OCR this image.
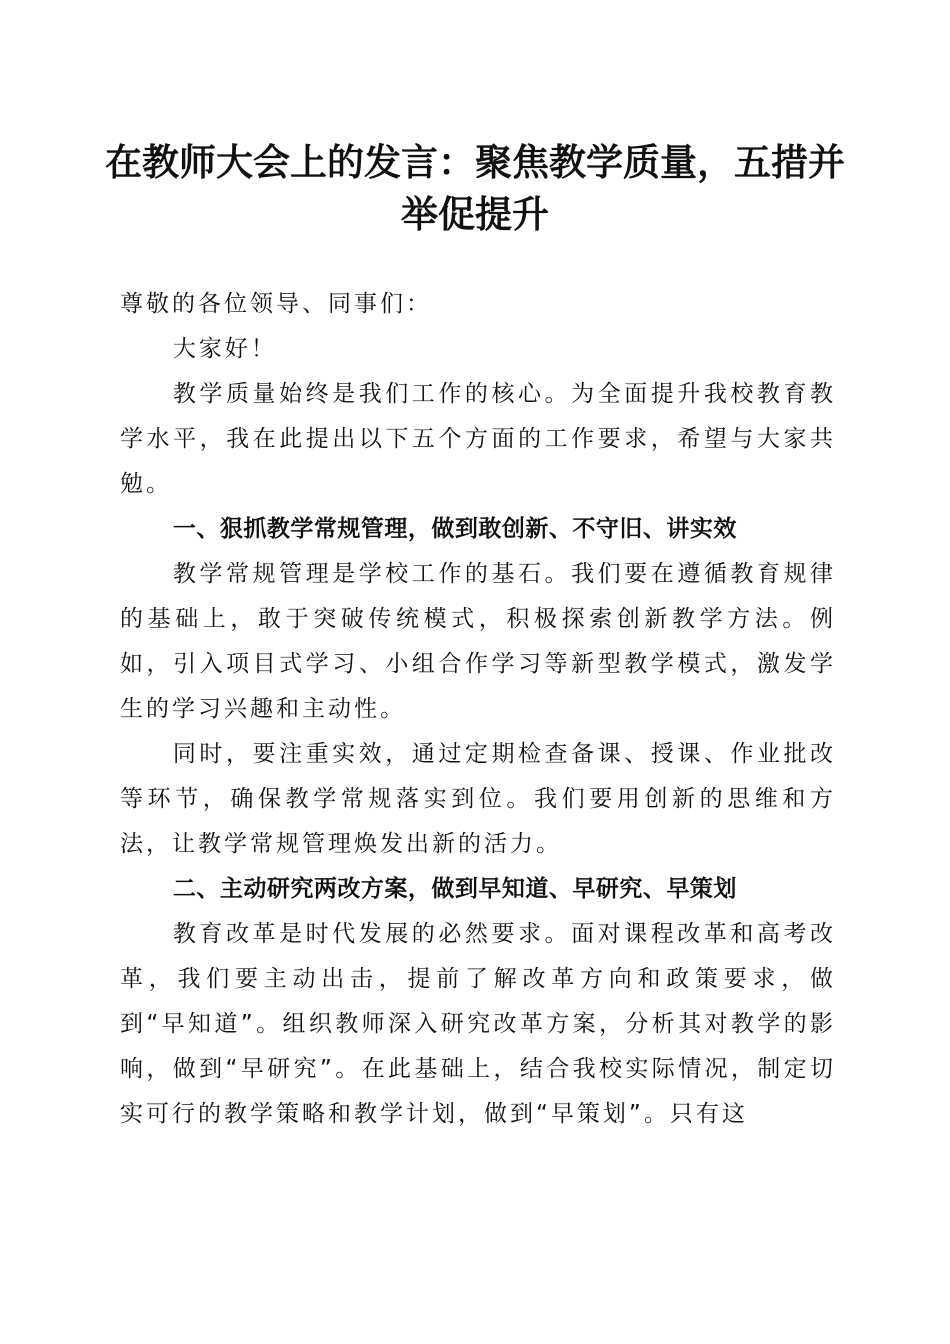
在教师大会上的发言：聚焦教学质量，五措并举促提升

尊敬的各位领导、同事们：

大家好！

教学质量始终是我们工作的核心。为全面提升我校教育教学水平，我在此提出以下五个方面的工作要求，希望与大家共勉。

一、狠抓教学常规管理，做到敢创新、不守旧、讲实效

教学常规管理是学校工作的基石。我们要在遵循教育规律的基础上，敢于突破传统模式，积极探索创新教学方法。例如，引入项目式学习、小组合作学习等新型教学模式，激发学生的学习兴趣和主动性。

同时，要注重实效，通过定期检查备课、授课、作业批改等环节，确保教学常规落实到位。我们要用创新的思维和方法，让教学常规管理焕发出新的活力。

二、主动研究两改方案，做到早知道、早研究、早策划

教育改革是时代发展的必然要求。面对课程改革和高考改革，我们要主动出击，提前了解改革方向和政策要求，做到“早知道”。组织教师深入研究改革方案，分析其对教学的影响，做到“早研究”。在此基础上，结合我校实际情况，制定切实可行的教学策略和教学计划，做到“早策划”。只有这
